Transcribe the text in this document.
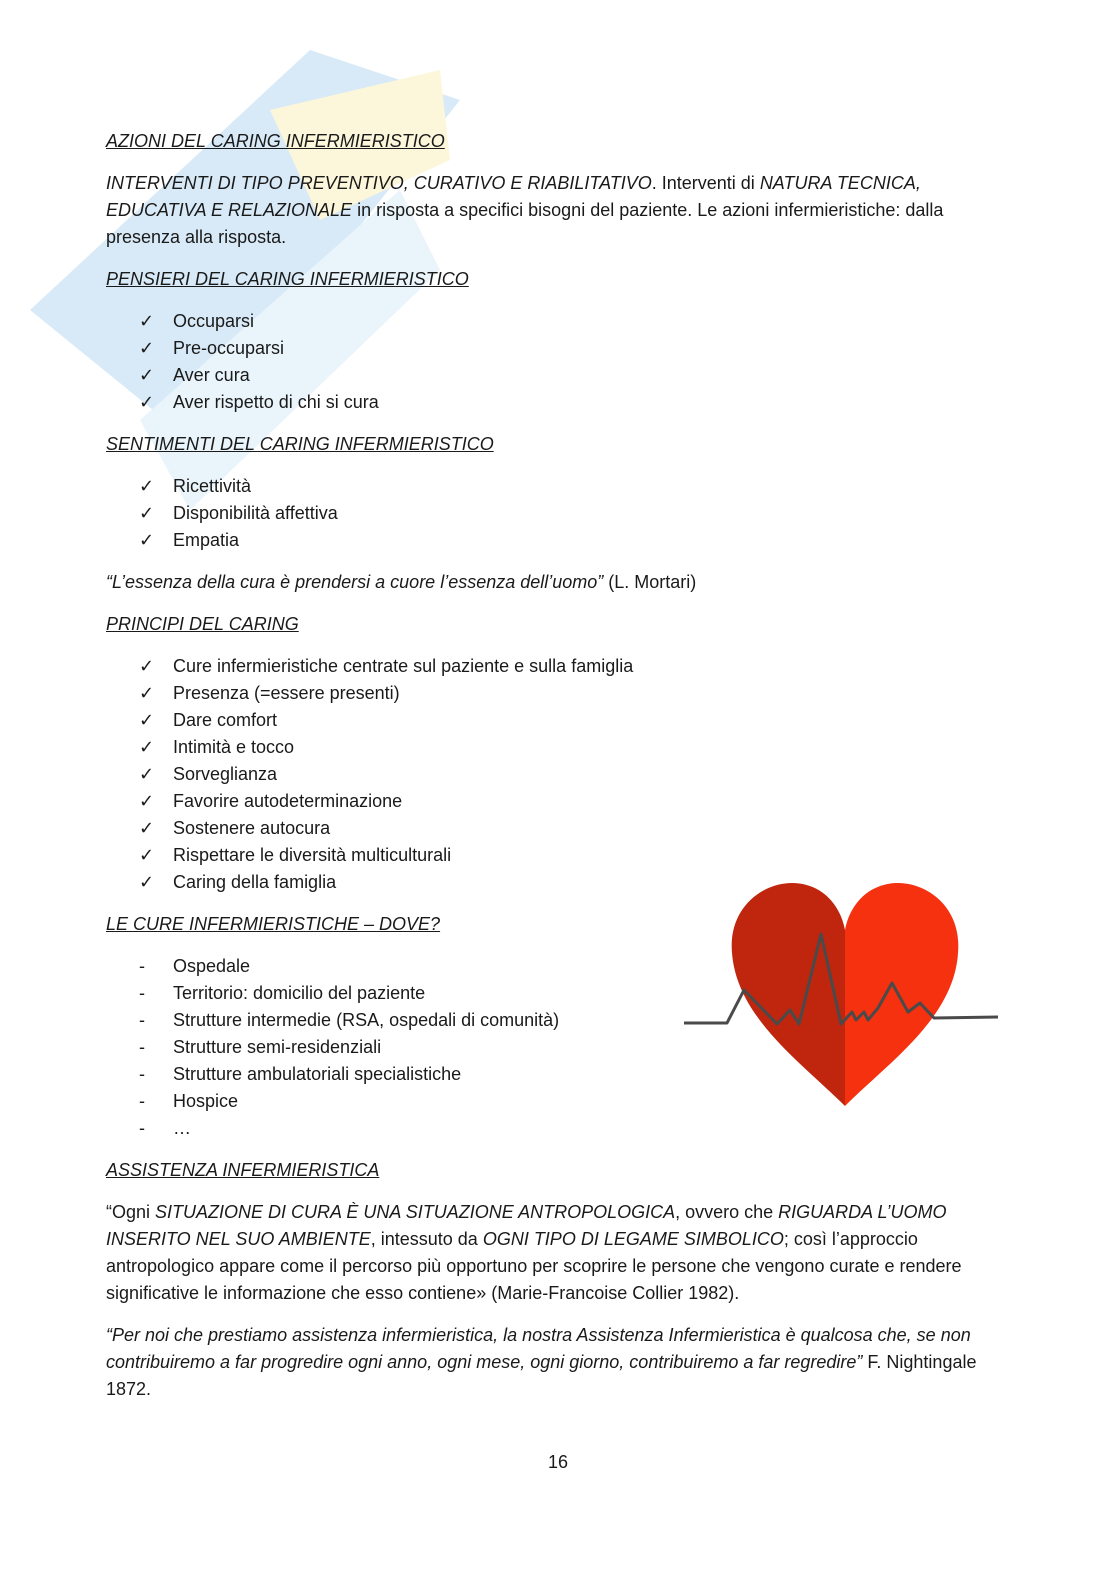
AZIONI DEL CARING INFERMIERISTICO

INTERVENTI DI TIPO PREVENTIVO, CURATIVO E RIABILITATIVO. Interventi di NATURA TECNICA, EDUCATIVA E RELAZIONALE in risposta a specifici bisogni del paziente. Le azioni infermieristiche: dalla presenza alla risposta.

PENSIERI DEL CARING INFERMIERISTICO
✓ Occuparsi
✓ Pre-occuparsi
✓ Aver cura
✓ Aver rispetto di chi si cura
SENTIMENTI DEL CARING INFERMIERISTICO
✓ Ricettività
✓ Disponibilità affettiva
✓ Empatia

“L’essenza della cura è prendersi a cuore l’essenza dell’uomo” (L. Mortari)

PRINCIPI DEL CARING
✓ Cure infermieristiche centrate sul paziente e sulla famiglia
✓ Presenza (=essere presenti)
✓ Dare comfort
✓ Intimità e tocco
✓ Sorveglianza
✓ Favorire autodeterminazione
✓ Sostenere autocura
✓ Rispettare le diversità multiculturali
✓ Caring della famiglia
LE CURE INFERMIERISTICHE – DOVE?
-	Ospedale
-	Territorio: domicilio del paziente
-	Strutture intermedie (RSA, ospedali di comunità)
-	Strutture semi-residenziali
-	Strutture ambulatoriali specialistiche
-	Hospice
-	…
ASSISTENZA INFERMIERISTICA

“Ogni SITUAZIONE DI CURA È UNA SITUAZIONE ANTROPOLOGICA, ovvero che RIGUARDA L’UOMO INSERITO NEL SUO AMBIENTE, intessuto da OGNI TIPO DI LEGAME SIMBOLICO; così l’approccio antropologico appare come il percorso più opportuno per scoprire le persone che vengono curate e rendere significative le informazione che esso contiene» (Marie-Francoise Collier 1982).

“Per noi che prestiamo assistenza infermieristica, la nostra Assistenza Infermieristica è qualcosa che, se non contribuiremo a far progredire ogni anno, ogni mese, ogni giorno, contribuiremo a far regredire” F. Nightingale 1872.

16
